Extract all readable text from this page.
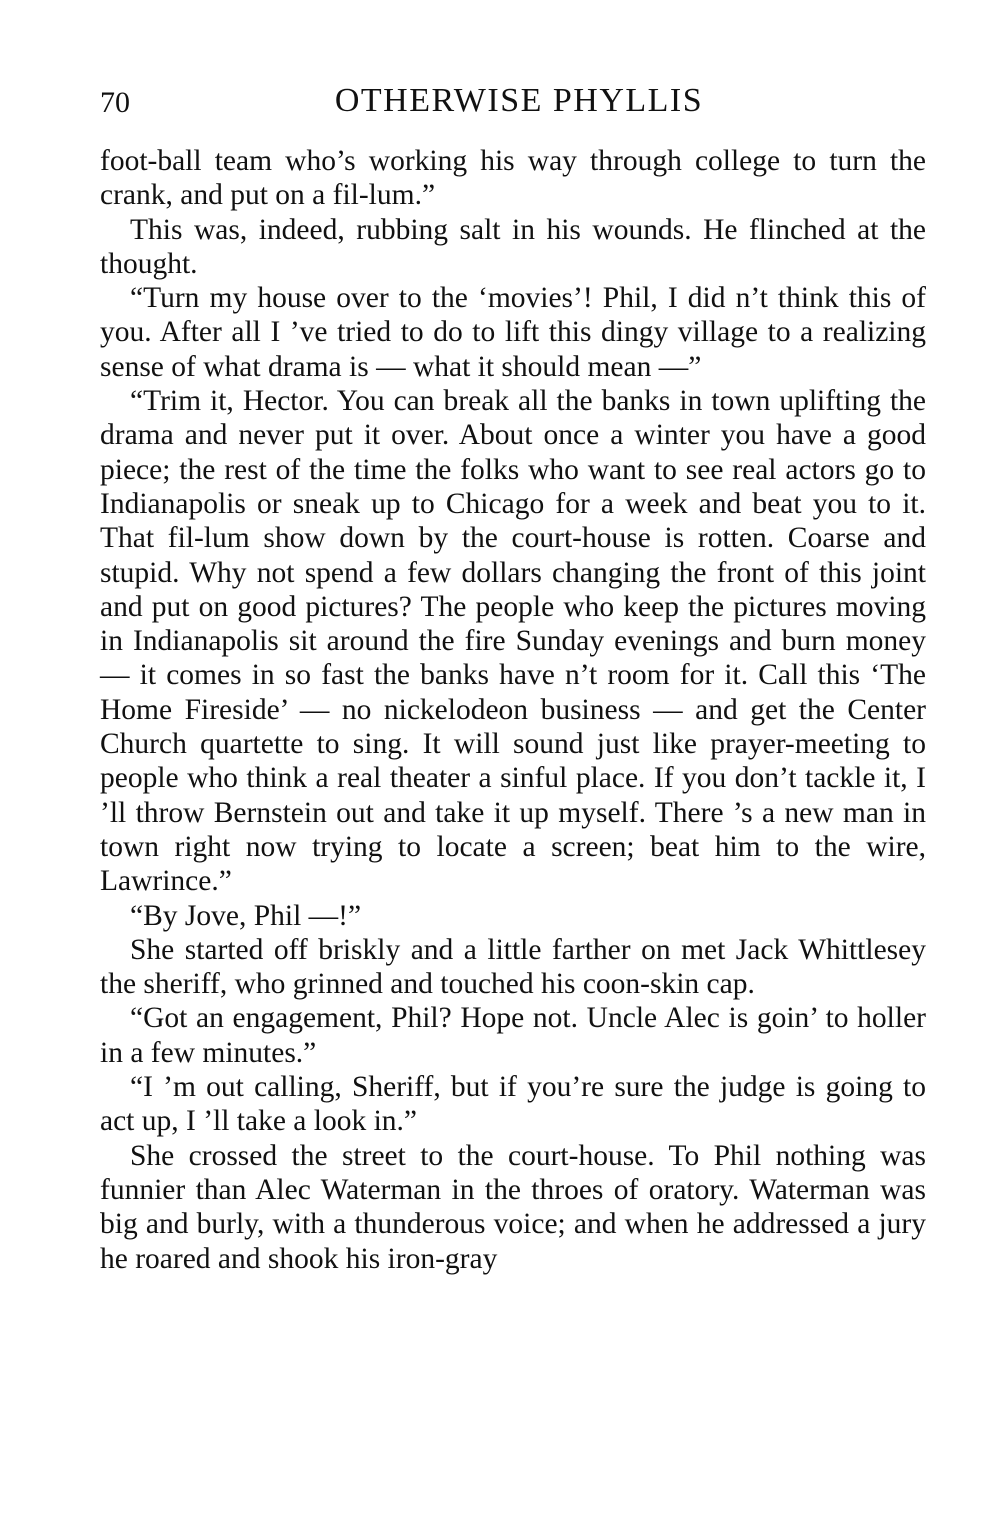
70	OTHERWISE PHYLLIS

foot-ball team who’s working his way through college to turn the crank, and put on a fil-lum.”

This was, indeed, rubbing salt in his wounds. He flinched at the thought.

“Turn my house over to the ‘movies’! Phil, I did n’t think this of you. After all I ’ve tried to do to lift this dingy village to a realizing sense of what drama is — what it should mean —”

“Trim it, Hector. You can break all the banks in town uplifting the drama and never put it over. About once a winter you have a good piece; the rest of the time the folks who want to see real actors go to Indianapolis or sneak up to Chicago for a week and beat you to it. That fil-lum show down by the court-house is rotten. Coarse and stupid. Why not spend a few dollars changing the front of this joint and put on good pictures? The people who keep the pictures moving in Indianapolis sit around the fire Sunday evenings and burn money — it comes in so fast the banks have n’t room for it. Call this ‘The Home Fireside’ — no nickelodeon business — and get the Center Church quartette to sing. It will sound just like prayer-meeting to people who think a real theater a sinful place. If you don’t tackle it, I ’ll throw Bernstein out and take it up myself. There ’s a new man in town right now trying to locate a screen; beat him to the wire, Lawrince.”

“By Jove, Phil —!”

She started off briskly and a little farther on met Jack Whittlesey the sheriff, who grinned and touched his coon-skin cap.

“Got an engagement, Phil? Hope not. Uncle Alec is goin’ to holler in a few minutes.”

“I ’m out calling, Sheriff, but if you’re sure the judge is going to act up, I ’ll take a look in.”

She crossed the street to the court-house. To Phil nothing was funnier than Alec Waterman in the throes of oratory. Waterman was big and burly, with a thunderous voice; and when he addressed a jury he roared and shook his iron-gray
